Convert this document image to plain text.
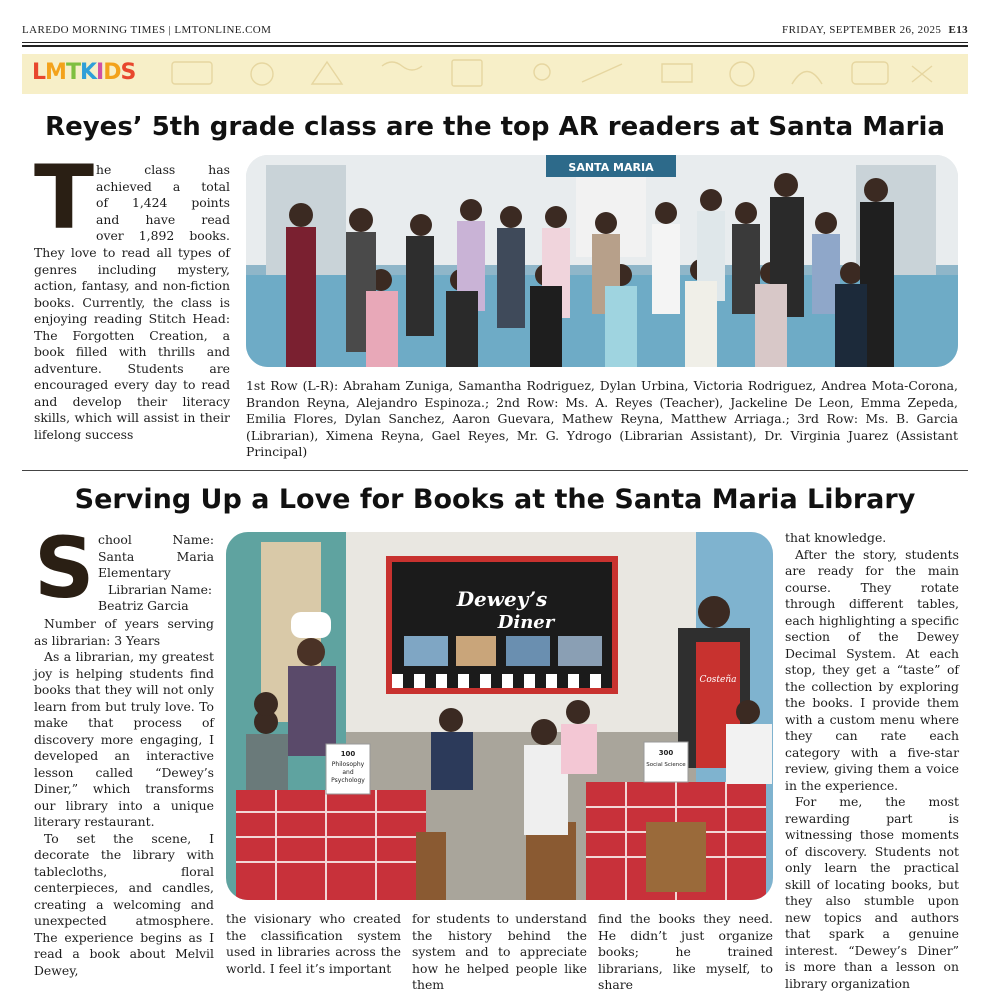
LAREDO MORNING TIMES | LMTONLINE.COM	FRIDAY, SEPTEMBER 26, 2025 E13
LMTKIDS
Reyes’ 5th grade class are the top AR readers at Santa Maria
T he class has
achieved a total
of 1,424 points
and have read
over 1,892 books.
They love to read all types of genres including mystery, action, fantasy, and non-fiction books. Currently, the class is enjoying reading Stitch Head: The Forgotten Creation, a book filled with thrills and adventure. Students are encouraged every day to read and develop their literacy skills, which will assist in their lifelong success
SANTA MARIA
1st Row (L-R): Abraham Zuniga, Samantha Rodriguez, Dylan Urbina, Victoria Rodriguez, Andrea Mota-Corona, Brandon Reyna, Alejandro Espinoza.; 2nd Row: Ms. A. Reyes (Teacher), Jackeline De Leon, Emma Zepeda, Emilia Flores, Dylan Sanchez, Aaron Guevara, Mathew Reyna, Matthew Arriaga.; 3rd Row: Ms. B. Garcia (Librarian), Ximena Reyna, Gael Reyes, Mr. G. Ydrogo (Librarian Assistant), Dr. Virginia Juarez (Assistant Principal)
Serving Up a Love for Books at the Santa Maria Library
S chool Name:
Santa Maria
Elementary
Librarian Name:
Beatriz Garcia

Number of years serving as librarian: 3 Years

As a librarian, my greatest joy is helping students find books that they will not only learn from but truly love. To make that process of discovery more engaging, I developed an interactive lesson called “Dewey’s Diner,” which transforms our library into a unique literary restaurant.

To set the scene, I decorate the library with tablecloths, floral centerpieces, and candles, creating a welcoming and unexpected atmosphere. The experience begins as I read a book about Melvil Dewey,

Dewey’s
Diner
Costeña
100
Philosophy
and
Psychology
300
Social Science
the visionary who created the classification system used in libraries across the world. I feel it’s important
for students to understand the history behind the system and to appreciate how he helped people like them
find the books they need. He didn’t just organize books; he trained librarians, like myself, to share

that knowledge.

After the story, students are ready for the main course. They rotate through different tables, each highlighting a specific section of the Dewey Decimal System. At each stop, they get a “taste” of the collection by exploring the books. I provide them with a custom menu where they can rate each category with a five-star review, giving them a voice in the experience.

For me, the most rewarding part is witnessing those moments of discovery. Students not only learn the practical skill of locating books, but they also stumble upon new topics and authors that spark a genuine interest. “Dewey’s Diner” is more than a lesson on library organization
